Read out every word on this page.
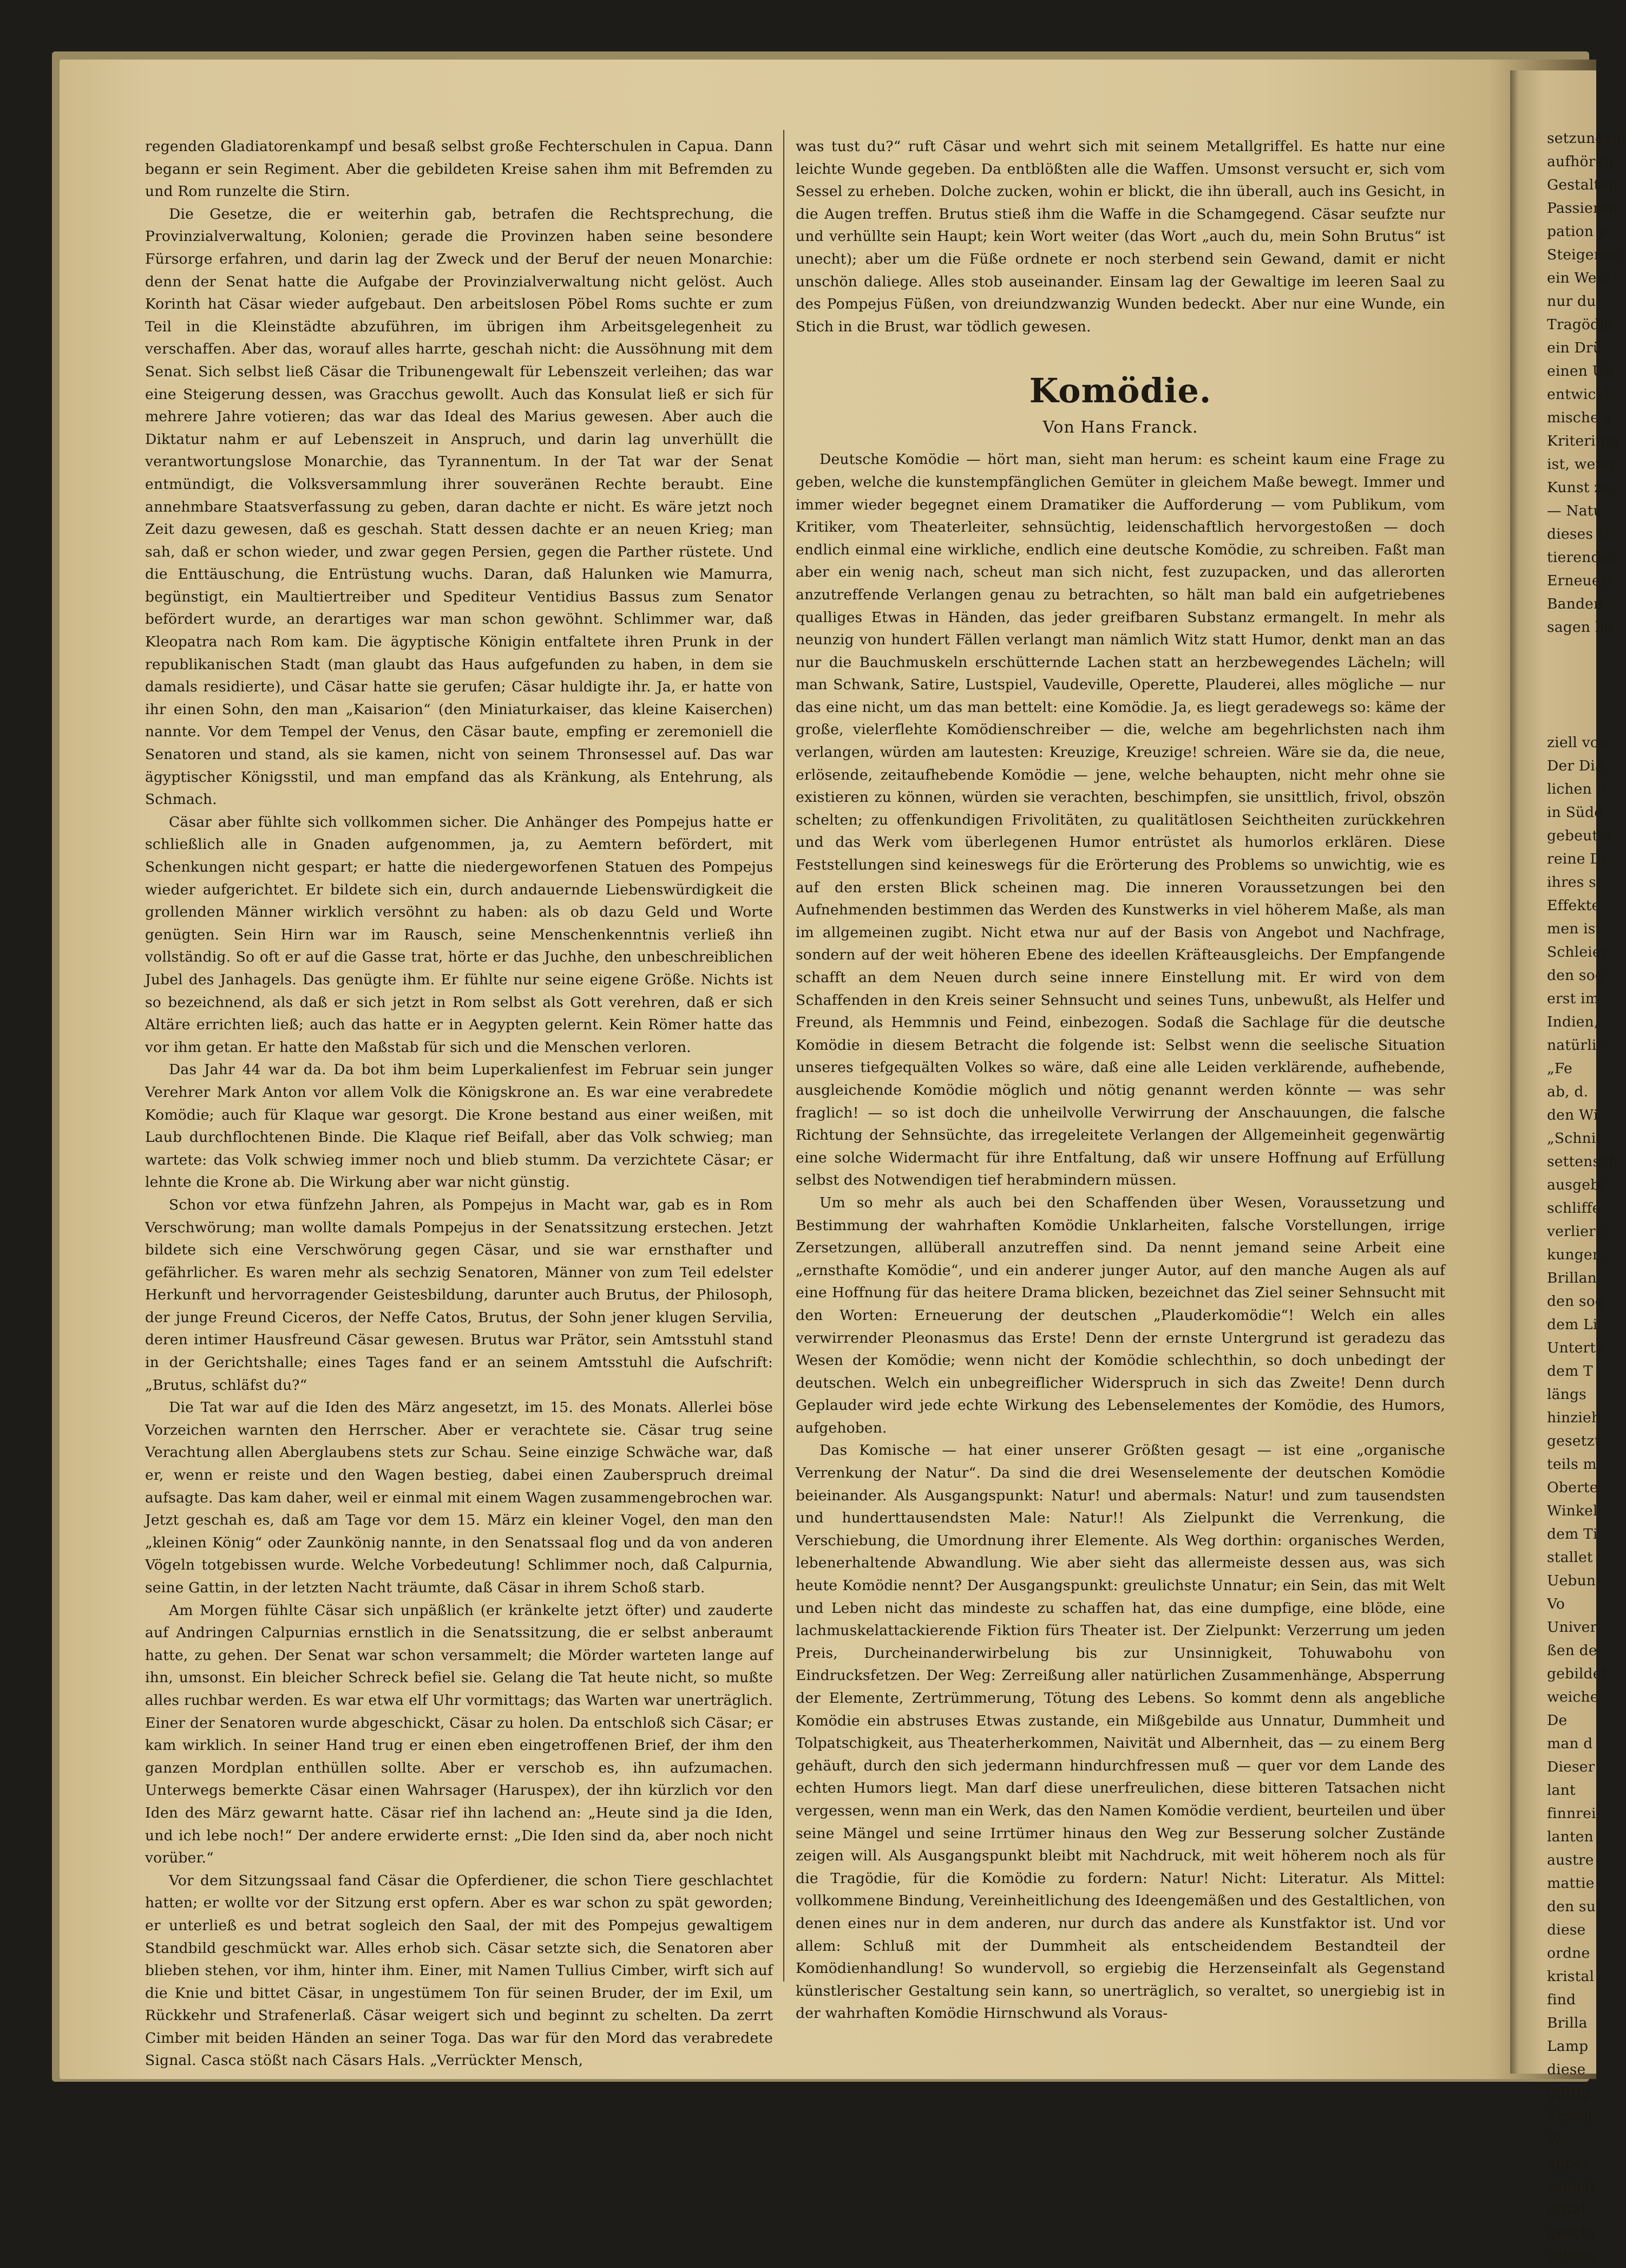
regenden Gladiatorenkampf und besaß selbst große Fechterschulen in Capua. Dann begann er sein Regiment. Aber die gebildeten Kreise sahen ihm mit Befremden zu und Rom runzelte die Stirn.

Die Gesetze, die er weiterhin gab, betrafen die Rechtsprechung, die Provinzialverwaltung, Kolonien; gerade die Provinzen haben seine besondere Fürsorge erfahren, und darin lag der Zweck und der Beruf der neuen Monarchie: denn der Senat hatte die Aufgabe der Provinzialverwaltung nicht gelöst. Auch Korinth hat Cäsar wieder aufgebaut. Den arbeitslosen Pöbel Roms suchte er zum Teil in die Kleinstädte abzuführen, im übrigen ihm Arbeitsgelegenheit zu verschaffen. Aber das, worauf alles harrte, geschah nicht: die Aussöhnung mit dem Senat. Sich selbst ließ Cäsar die Tribunengewalt für Lebenszeit verleihen; das war eine Steigerung dessen, was Gracchus gewollt. Auch das Konsulat ließ er sich für mehrere Jahre votieren; das war das Ideal des Marius gewesen. Aber auch die Diktatur nahm er auf Lebenszeit in Anspruch, und darin lag unverhüllt die verantwortungslose Monarchie, das Tyrannentum. In der Tat war der Senat entmündigt, die Volksversammlung ihrer souveränen Rechte beraubt. Eine annehmbare Staatsverfassung zu geben, daran dachte er nicht. Es wäre jetzt noch Zeit dazu gewesen, daß es geschah. Statt dessen dachte er an neuen Krieg; man sah, daß er schon wieder, und zwar gegen Persien, gegen die Parther rüstete. Und die Enttäuschung, die Entrüstung wuchs. Daran, daß Halunken wie Mamurra, begünstigt, ein Maultiertreiber und Spediteur Ventidius Bassus zum Senator befördert wurde, an derartiges war man schon gewöhnt. Schlimmer war, daß Kleopatra nach Rom kam. Die ägyptische Königin entfaltete ihren Prunk in der republikanischen Stadt (man glaubt das Haus aufgefunden zu haben, in dem sie damals residierte), und Cäsar hatte sie gerufen; Cäsar huldigte ihr. Ja, er hatte von ihr einen Sohn, den man „Kaisarion“ (den Miniaturkaiser, das kleine Kaiserchen) nannte. Vor dem Tempel der Venus, den Cäsar baute, empfing er zeremoniell die Senatoren und stand, als sie kamen, nicht von seinem Thronsessel auf. Das war ägyptischer Königsstil, und man empfand das als Kränkung, als Entehrung, als Schmach.

Cäsar aber fühlte sich vollkommen sicher. Die Anhänger des Pompejus hatte er schließlich alle in Gnaden aufgenommen, ja, zu Aemtern befördert, mit Schenkungen nicht gespart; er hatte die niedergeworfenen Statuen des Pompejus wieder aufgerichtet. Er bildete sich ein, durch andauernde Liebenswürdigkeit die grollenden Männer wirklich versöhnt zu haben: als ob dazu Geld und Worte genügten. Sein Hirn war im Rausch, seine Menschenkenntnis verließ ihn vollständig. So oft er auf die Gasse trat, hörte er das Juchhe, den unbeschreiblichen Jubel des Janhagels. Das genügte ihm. Er fühlte nur seine eigene Größe. Nichts ist so bezeichnend, als daß er sich jetzt in Rom selbst als Gott verehren, daß er sich Altäre errichten ließ; auch das hatte er in Aegypten gelernt. Kein Römer hatte das vor ihm getan. Er hatte den Maßstab für sich und die Menschen verloren.

Das Jahr 44 war da. Da bot ihm beim Luperkalienfest im Februar sein junger Verehrer Mark Anton vor allem Volk die Königskrone an. Es war eine verabredete Komödie; auch für Klaque war gesorgt. Die Krone bestand aus einer weißen, mit Laub durchflochtenen Binde. Die Klaque rief Beifall, aber das Volk schwieg; man wartete: das Volk schwieg immer noch und blieb stumm. Da verzichtete Cäsar; er lehnte die Krone ab. Die Wirkung aber war nicht günstig.

Schon vor etwa fünfzehn Jahren, als Pompejus in Macht war, gab es in Rom Verschwörung; man wollte damals Pompejus in der Senatssitzung erstechen. Jetzt bildete sich eine Verschwörung gegen Cäsar, und sie war ernsthafter und gefährlicher. Es waren mehr als sechzig Senatoren, Männer von zum Teil edelster Herkunft und hervorragender Geistesbildung, darunter auch Brutus, der Philosoph, der junge Freund Ciceros, der Neffe Catos, Brutus, der Sohn jener klugen Servilia, deren intimer Hausfreund Cäsar gewesen. Brutus war Prätor, sein Amtsstuhl stand in der Gerichtshalle; eines Tages fand er an seinem Amtsstuhl die Aufschrift: „Brutus, schläfst du?“

Die Tat war auf die Iden des März angesetzt, im 15. des Monats. Allerlei böse Vorzeichen warnten den Herrscher. Aber er verachtete sie. Cäsar trug seine Verachtung allen Aberglaubens stets zur Schau. Seine einzige Schwäche war, daß er, wenn er reiste und den Wagen bestieg, dabei einen Zauberspruch dreimal aufsagte. Das kam daher, weil er einmal mit einem Wagen zusammengebrochen war. Jetzt geschah es, daß am Tage vor dem 15. März ein kleiner Vogel, den man den „kleinen König“ oder Zaunkönig nannte, in den Senatssaal flog und da von anderen Vögeln totgebissen wurde. Welche Vorbedeutung! Schlimmer noch, daß Calpurnia, seine Gattin, in der letzten Nacht träumte, daß Cäsar in ihrem Schoß starb.

Am Morgen fühlte Cäsar sich unpäßlich (er kränkelte jetzt öfter) und zauderte auf Andringen Calpurnias ernstlich in die Senatssitzung, die er selbst anberaumt hatte, zu gehen. Der Senat war schon versammelt; die Mörder warteten lange auf ihn, umsonst. Ein bleicher Schreck befiel sie. Gelang die Tat heute nicht, so mußte alles ruchbar werden. Es war etwa elf Uhr vormittags; das Warten war unerträglich. Einer der Senatoren wurde abgeschickt, Cäsar zu holen. Da entschloß sich Cäsar; er kam wirklich. In seiner Hand trug er einen eben eingetroffenen Brief, der ihm den ganzen Mordplan enthüllen sollte. Aber er verschob es, ihn aufzumachen. Unterwegs bemerkte Cäsar einen Wahrsager (Haruspex), der ihn kürzlich vor den Iden des März gewarnt hatte. Cäsar rief ihn lachend an: „Heute sind ja die Iden, und ich lebe noch!“ Der andere erwiderte ernst: „Die Iden sind da, aber noch nicht vorüber.“

Vor dem Sitzungssaal fand Cäsar die Opferdiener, die schon Tiere geschlachtet hatten; er wollte vor der Sitzung erst opfern. Aber es war schon zu spät geworden; er unterließ es und betrat sogleich den Saal, der mit des Pompejus gewaltigem Standbild geschmückt war. Alles erhob sich. Cäsar setzte sich, die Senatoren aber blieben stehen, vor ihm, hinter ihm. Einer, mit Namen Tullius Cimber, wirft sich auf die Knie und bittet Cäsar, in ungestümem Ton für seinen Bruder, der im Exil, um Rückkehr und Strafenerlaß. Cäsar weigert sich und beginnt zu schelten. Da zerrt Cimber mit beiden Händen an seiner Toga. Das war für den Mord das verabredete Signal. Casca stößt nach Cäsars Hals. „Verrückter Mensch,

was tust du?“ ruft Cäsar und wehrt sich mit seinem Metallgriffel. Es hatte nur eine leichte Wunde gegeben. Da entblößten alle die Waffen. Umsonst versucht er, sich vom Sessel zu erheben. Dolche zucken, wohin er blickt, die ihn überall, auch ins Gesicht, in die Augen treffen. Brutus stieß ihm die Waffe in die Schamgegend. Cäsar seufzte nur und verhüllte sein Haupt; kein Wort weiter (das Wort „auch du, mein Sohn Brutus“ ist unecht); aber um die Füße ordnete er noch sterbend sein Gewand, damit er nicht unschön daliege. Alles stob auseinander. Einsam lag der Gewaltige im leeren Saal zu des Pompejus Füßen, von dreiundzwanzig Wunden bedeckt. Aber nur eine Wunde, ein Stich in die Brust, war tödlich gewesen.

Komödie.
Von Hans Franck.

Deutsche Komödie — hört man, sieht man herum: es scheint kaum eine Frage zu geben, welche die kunstempfänglichen Gemüter in gleichem Maße bewegt. Immer und immer wieder begegnet einem Dramatiker die Aufforderung — vom Publikum, vom Kritiker, vom Theaterleiter, sehnsüchtig, leidenschaftlich hervorgestoßen — doch endlich einmal eine wirkliche, endlich eine deutsche Komödie, zu schreiben. Faßt man aber ein wenig nach, scheut man sich nicht, fest zuzupacken, und das allerorten anzutreffende Verlangen genau zu betrachten, so hält man bald ein aufgetriebenes qualliges Etwas in Händen, das jeder greifbaren Substanz ermangelt. In mehr als neunzig von hundert Fällen verlangt man nämlich Witz statt Humor, denkt man an das nur die Bauchmuskeln erschütternde Lachen statt an herzbewegendes Lächeln; will man Schwank, Satire, Lustspiel, Vaudeville, Operette, Plauderei, alles mögliche — nur das eine nicht, um das man bettelt: eine Komödie. Ja, es liegt geradewegs so: käme der große, vielerflehte Komödienschreiber — die, welche am begehrlichsten nach ihm verlangen, würden am lautesten: Kreuzige, Kreuzige! schreien. Wäre sie da, die neue, erlösende, zeitaufhebende Komödie — jene, welche behaupten, nicht mehr ohne sie existieren zu können, würden sie verachten, beschimpfen, sie unsittlich, frivol, obszön schelten; zu offenkundigen Frivolitäten, zu qualitätlosen Seichtheiten zurückkehren und das Werk vom überlegenen Humor entrüstet als humorlos erklären. Diese Feststellungen sind keineswegs für die Erörterung des Problems so unwichtig, wie es auf den ersten Blick scheinen mag. Die inneren Voraussetzungen bei den Aufnehmenden bestimmen das Werden des Kunstwerks in viel höherem Maße, als man im allgemeinen zugibt. Nicht etwa nur auf der Basis von Angebot und Nachfrage, sondern auf der weit höheren Ebene des ideellen Kräfteausgleichs. Der Empfangende schafft an dem Neuen durch seine innere Einstellung mit. Er wird von dem Schaffenden in den Kreis seiner Sehnsucht und seines Tuns, unbewußt, als Helfer und Freund, als Hemmnis und Feind, einbezogen. Sodaß die Sachlage für die deutsche Komödie in diesem Betracht die folgende ist: Selbst wenn die seelische Situation unseres tiefgequälten Volkes so wäre, daß eine alle Leiden verklärende, aufhebende, ausgleichende Komödie möglich und nötig genannt werden könnte — was sehr fraglich! — so ist doch die unheilvolle Verwirrung der Anschauungen, die falsche Richtung der Sehnsüchte, das irregeleitete Verlangen der Allgemeinheit gegenwärtig eine solche Widermacht für ihre Entfaltung, daß wir unsere Hoffnung auf Erfüllung selbst des Notwendigen tief herabmindern müssen.

Um so mehr als auch bei den Schaffenden über Wesen, Voraussetzung und Bestimmung der wahrhaften Komödie Unklarheiten, falsche Vorstellungen, irrige Zersetzungen, allüberall anzutreffen sind. Da nennt jemand seine Arbeit eine „ernsthafte Komödie“, und ein anderer junger Autor, auf den manche Augen als auf eine Hoffnung für das heitere Drama blicken, bezeichnet das Ziel seiner Sehnsucht mit den Worten: Erneuerung der deutschen „Plauderkomödie“! Welch ein alles verwirrender Pleonasmus das Erste! Denn der ernste Untergrund ist geradezu das Wesen der Komödie; wenn nicht der Komödie schlechthin, so doch unbedingt der deutschen. Welch ein unbegreiflicher Widerspruch in sich das Zweite! Denn durch Geplauder wird jede echte Wirkung des Lebenselementes der Komödie, des Humors, aufgehoben.

Das Komische — hat einer unserer Größten gesagt — ist eine „organische Verrenkung der Natur“. Da sind die drei Wesenselemente der deutschen Komödie beieinander. Als Ausgangspunkt: Natur! und abermals: Natur! und zum tausendsten und hunderttausendsten Male: Natur!! Als Zielpunkt die Verrenkung, die Verschiebung, die Umordnung ihrer Elemente. Als Weg dorthin: organisches Werden, lebenerhaltende Abwandlung. Wie aber sieht das allermeiste dessen aus, was sich heute Komödie nennt? Der Ausgangspunkt: greulichste Unnatur; ein Sein, das mit Welt und Leben nicht das mindeste zu schaffen hat, das eine dumpfige, eine blöde, eine lachmuskelattackierende Fiktion fürs Theater ist. Der Zielpunkt: Verzerrung um jeden Preis, Durcheinanderwirbelung bis zur Unsinnigkeit, Tohuwabohu von Eindrucksfetzen. Der Weg: Zerreißung aller natürlichen Zusammenhänge, Absperrung der Elemente, Zertrümmerung, Tötung des Lebens. So kommt denn als angebliche Komödie ein abstruses Etwas zustande, ein Mißgebilde aus Unnatur, Dummheit und Tolpatschigkeit, aus Theaterherkommen, Naivität und Albernheit, das — zu einem Berg gehäuft, durch den sich jedermann hindurchfressen muß — quer vor dem Lande des echten Humors liegt. Man darf diese unerfreulichen, diese bitteren Tatsachen nicht vergessen, wenn man ein Werk, das den Namen Komödie verdient, beurteilen und über seine Mängel und seine Irrtümer hinaus den Weg zur Besserung solcher Zustände zeigen will. Als Ausgangspunkt bleibt mit Nachdruck, mit weit höherem noch als für die Tragödie, für die Komödie zu fordern: Natur! Nicht: Literatur. Als Mittel: vollkommene Bindung, Vereinheitlichung des Ideengemäßen und des Gestaltlichen, von denen eines nur in dem anderen, nur durch das andere als Kunstfaktor ist. Und vor allem: Schluß mit der Dummheit als entscheidendem Bestandteil der Komödienhandlung! So wundervoll, so ergiebig die Herzenseinfalt als Gegenstand künstlerischer Gestaltung sein kann, so unerträglich, so veraltet, so unergiebig ist in der wahrhaften Komödie Hirnschwund als Voraus-

setzungsm
aufhören
Gestalten
Passieren
pation v
Steigerun
ein Weni
nur du
Tragödie
ein Drü
einen Un
entwickl
mische s
Kriterium
ist, wenn
Kunst zu
— Natu
dieses G
tierenden
Erneueri
Banden
sagen ho
ziell von
Der Dia
lichen F
in Südo
gebeutet
reine Di
ihres st
Effekte
men ist
Schleier
den sog
erst im
Indien,
natürlic
„Fe
ab, d.
den Wi
„Schnit
settensch
ausgebi
schliffe
verliere
kungen,
Brillan
den sog
dem Li
Unterte
dem T
längs
hinzieh
gesetzt.
teils m
Oberte
Winkel
dem Ti
stallet
Uebun
Vo
Univer
ßen de
gebildet
weiche
De
man d
Dieser
lant
finnrei
lanten
austre
mattie
den su
diese
ordne
kristal
find
Brilla
Lamp
diese
gültig
Ecken
W
appar
schied
erhal
geschi
schmu
